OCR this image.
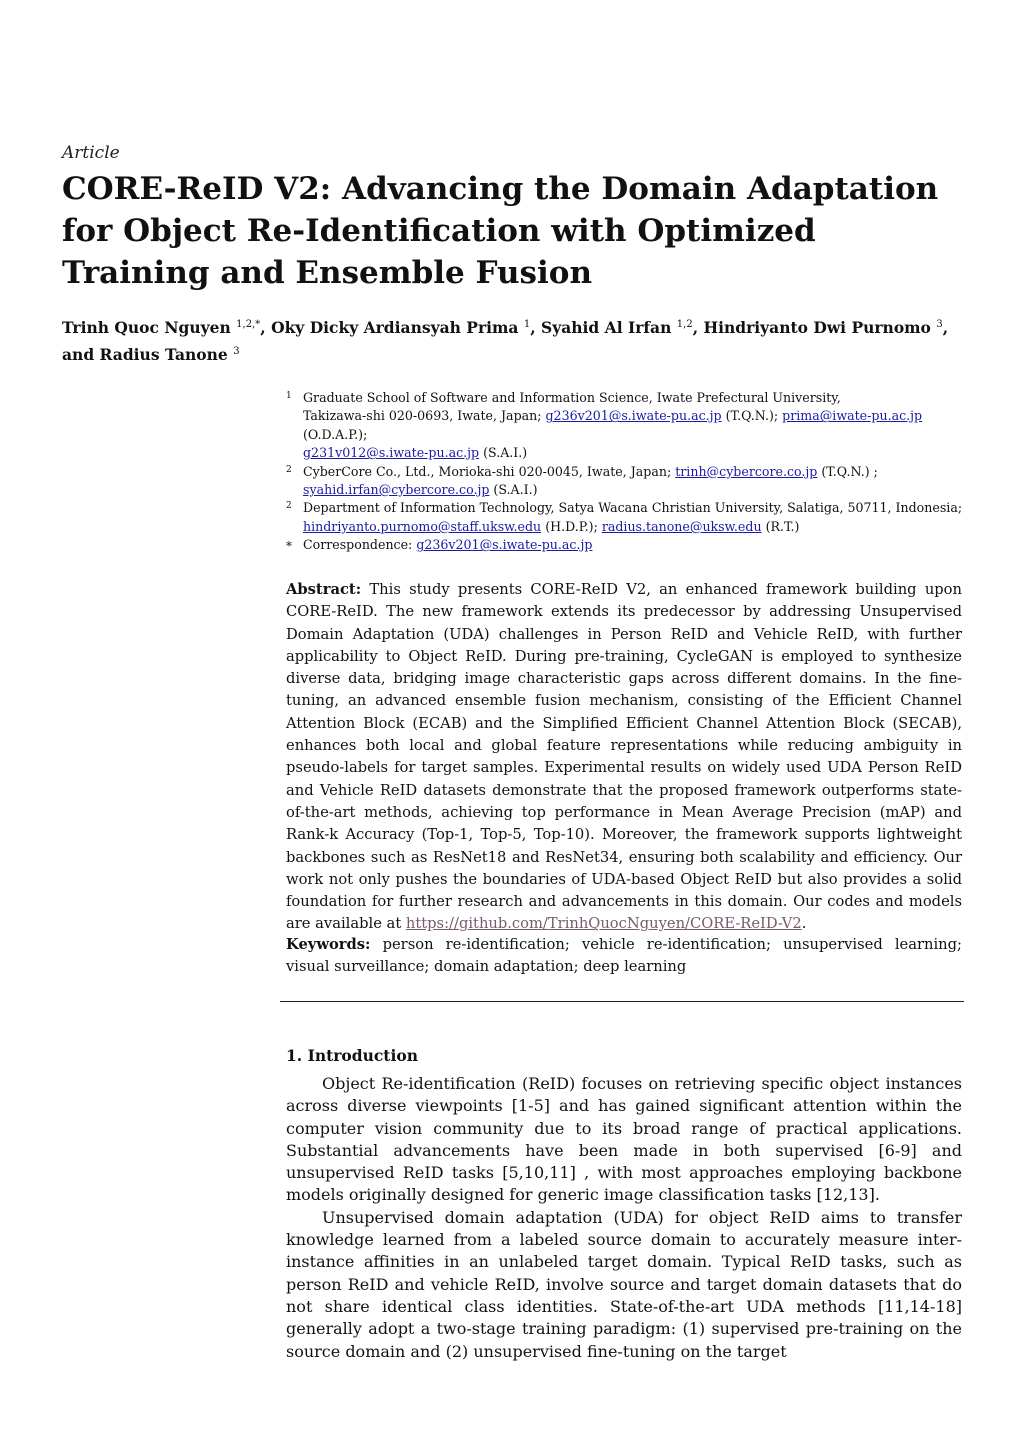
Article
CORE-ReID V2: Advancing the Domain Adaptation for Object Re-Identification with Optimized Training and Ensemble Fusion
Trinh Quoc Nguyen $^{1,2,*}$, Oky Dicky Ardiansyah Prima $^1$, Syahid Al Irfan $^{1,2}$, Hindriyanto Dwi Purnomo $^3$, and Radius Tanone $^3$
1 Graduate School of Software and Information Science, Iwate Prefectural University,
Takizawa-shi 020-0693, Iwate, Japan; g236v201@s.iwate-pu.ac.jp (T.Q.N.); prima@iwate-pu.ac.jp (O.D.A.P.);
g231v012@s.iwate-pu.ac.jp (S.A.I.)
2 CyberCore Co., Ltd., Morioka-shi 020-0045, Iwate, Japan; trinh@cybercore.co.jp (T.Q.N.) ; syahid.irfan@cybercore.co.jp (S.A.I.)
2 Department of Information Technology, Satya Wacana Christian University, Salatiga, 50711, Indonesia;
hindriyanto.purnomo@staff.uksw.edu (H.D.P.); radius.tanone@uksw.edu (R.T.)
* Correspondence: g236v201@s.iwate-pu.ac.jp
Abstract: This study presents CORE-ReID V2, an enhanced framework building upon CORE-ReID. The new framework extends its predecessor by addressing Unsupervised Domain Adaptation (UDA) challenges in Person ReID and Vehicle ReID, with further applicability to Object ReID. During pre-training, CycleGAN is employed to synthesize diverse data, bridging image characteristic gaps across different domains. In the fine-tuning, an advanced ensemble fusion mechanism, consisting of the Efficient Channel Attention Block (ECAB) and the Simplified Efficient Channel Attention Block (SECAB), enhances both local and global feature representations while reducing ambiguity in pseudo-labels for target samples. Experimental results on widely used UDA Person ReID and Vehicle ReID datasets demonstrate that the proposed framework outperforms state-of-the-art methods, achieving top performance in Mean Average Precision (mAP) and Rank-k Accuracy (Top-1, Top-5, Top-10). Moreover, the framework supports lightweight backbones such as ResNet18 and ResNet34, ensuring both scalability and efficiency. Our work not only pushes the boundaries of UDA-based Object ReID but also provides a solid foundation for further research and advancements in this domain. Our codes and models are available at https://github.com/TrinhQuocNguyen/CORE-ReID-V2.
Keywords: person re-identification; vehicle re-identification; unsupervised learning; visual surveillance; domain adaptation; deep learning
1. Introduction

Object Re-identification (ReID) focuses on retrieving specific object instances across diverse viewpoints [1-5] and has gained significant attention within the computer vision community due to its broad range of practical applications. Substantial advancements have been made in both supervised [6-9] and unsupervised ReID tasks [5,10,11] , with most approaches employing backbone models originally designed for generic image classification tasks [12,13].

Unsupervised domain adaptation (UDA) for object ReID aims to transfer knowledge learned from a labeled source domain to accurately measure inter-instance affinities in an unlabeled target domain. Typical ReID tasks, such as person ReID and vehicle ReID, involve source and target domain datasets that do not share identical class identities. State-of-the-art UDA methods [11,14-18] generally adopt a two-stage training paradigm: (1) supervised pre-training on the source domain and (2) unsupervised fine-tuning on the target
